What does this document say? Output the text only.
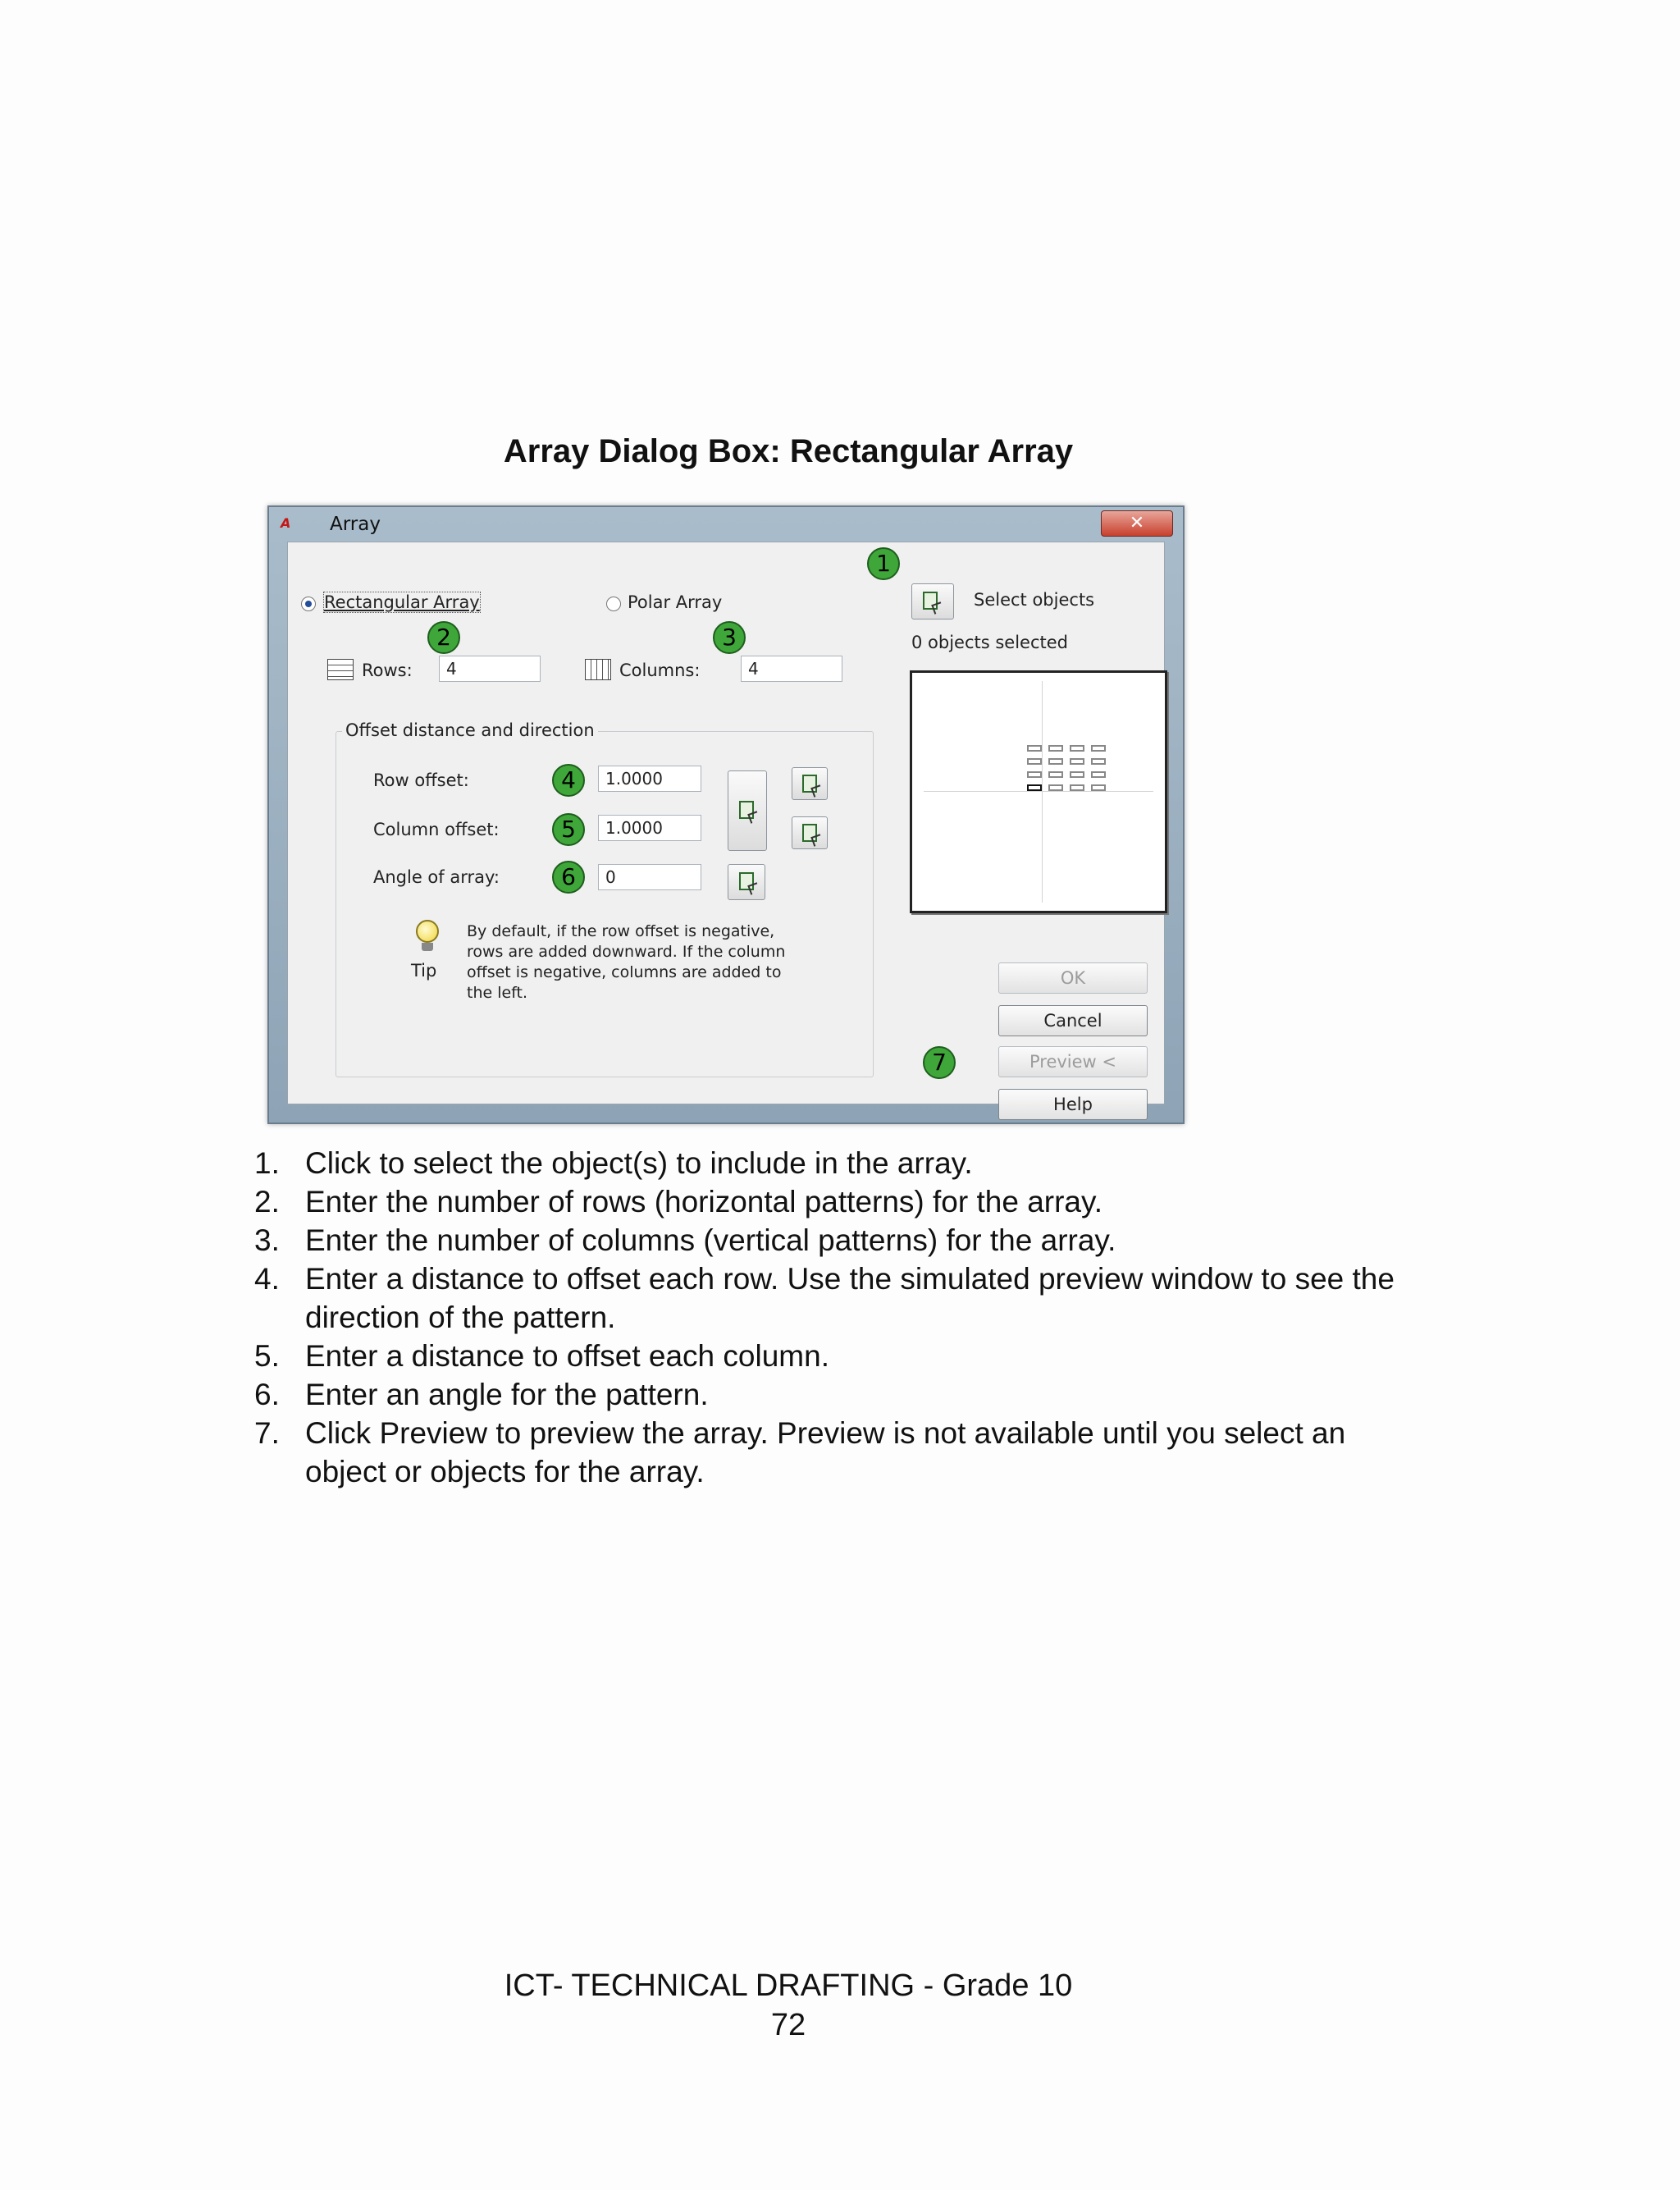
Array Dialog Box: Rectangular Array
A	Array	✕
Rectangular Array	Polar Array
Rows:	4	Columns:	4
Offset distance and direction
Row offset:	1.0000
Column offset:	1.0000
Angle of array:	0
Tip
By default, if the row offset is negative, rows are added downward. If the column offset is negative, columns are added to the left.
Select objects
0 objects selected
OK
Cancel
Preview <
Help
1
2	3
4
5
6
7
1. Click to select the object(s) to include in the array.
2. Enter the number of rows (horizontal patterns) for the array.
3. Enter the number of columns (vertical patterns) for the array.
4. Enter a distance to offset each row. Use the simulated preview window to see the direction of the pattern.
5. Enter a distance to offset each column.
6. Enter an angle for the pattern.
7. Click Preview to preview the array. Preview is not available until you select an object or objects for the array.
ICT- TECHNICAL DRAFTING - Grade 10
72
